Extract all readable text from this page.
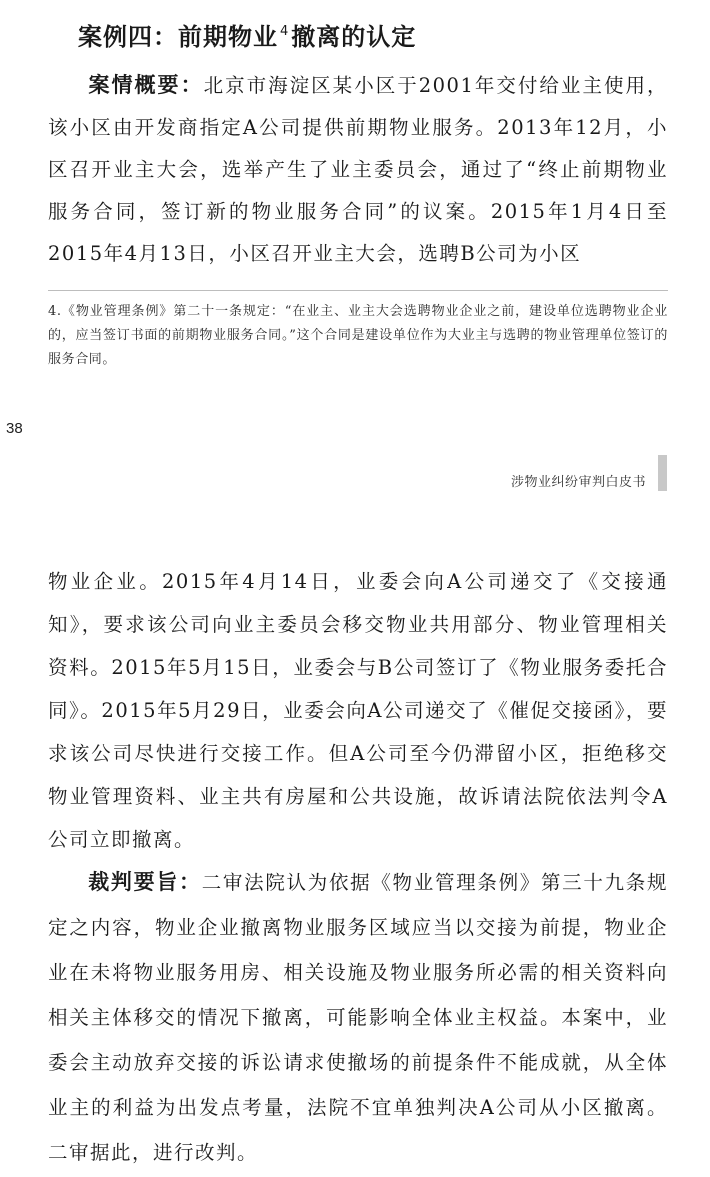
案例四：前期物业 $^4$撤离的认定
案情概要：北京市海淀区某小区于2001年交付给业主使用，该小区由开发商指定A公司提供前期物业服务。2013年12月，小区召开业主大会，选举产生了业主委员会，通过了“终止前期物业服务合同，签订新的物业服务合同”的议案。2015年1月4日至2015年4月13日，小区召开业主大会，选聘B公司为小区
4.《物业管理条例》第二十一条规定：“在业主、业主大会选聘物业企业之前，建设单位选聘物业企业的，应当签订书面的前期物业服务合同。”这个合同是建设单位作为大业主与选聘的物业管理单位签订的服务合同。
38
涉物业纠纷审判白皮书
物业企业。2015年4月14日，业委会向A公司递交了《交接通知》，要求该公司向业主委员会移交物业共用部分、物业管理相关资料。2015年5月15日，业委会与B公司签订了《物业服务委托合同》。2015年5月29日，业委会向A公司递交了《催促交接函》，要求该公司尽快进行交接工作。但A公司至今仍滞留小区，拒绝移交物业管理资料、业主共有房屋和公共设施，故诉请法院依法判令A公司立即撤离。
裁判要旨：二审法院认为依据《物业管理条例》第三十九条规定之内容，物业企业撤离物业服务区域应当以交接为前提，物业企业在未将物业服务用房、相关设施及物业服务所必需的相关资料向相关主体移交的情况下撤离，可能影响全体业主权益。本案中，业委会主动放弃交接的诉讼请求使撤场的前提条件不能成就，从全体业主的利益为出发点考量，法院不宜单独判决A公司从小区撤离。二审据此，进行改判。
